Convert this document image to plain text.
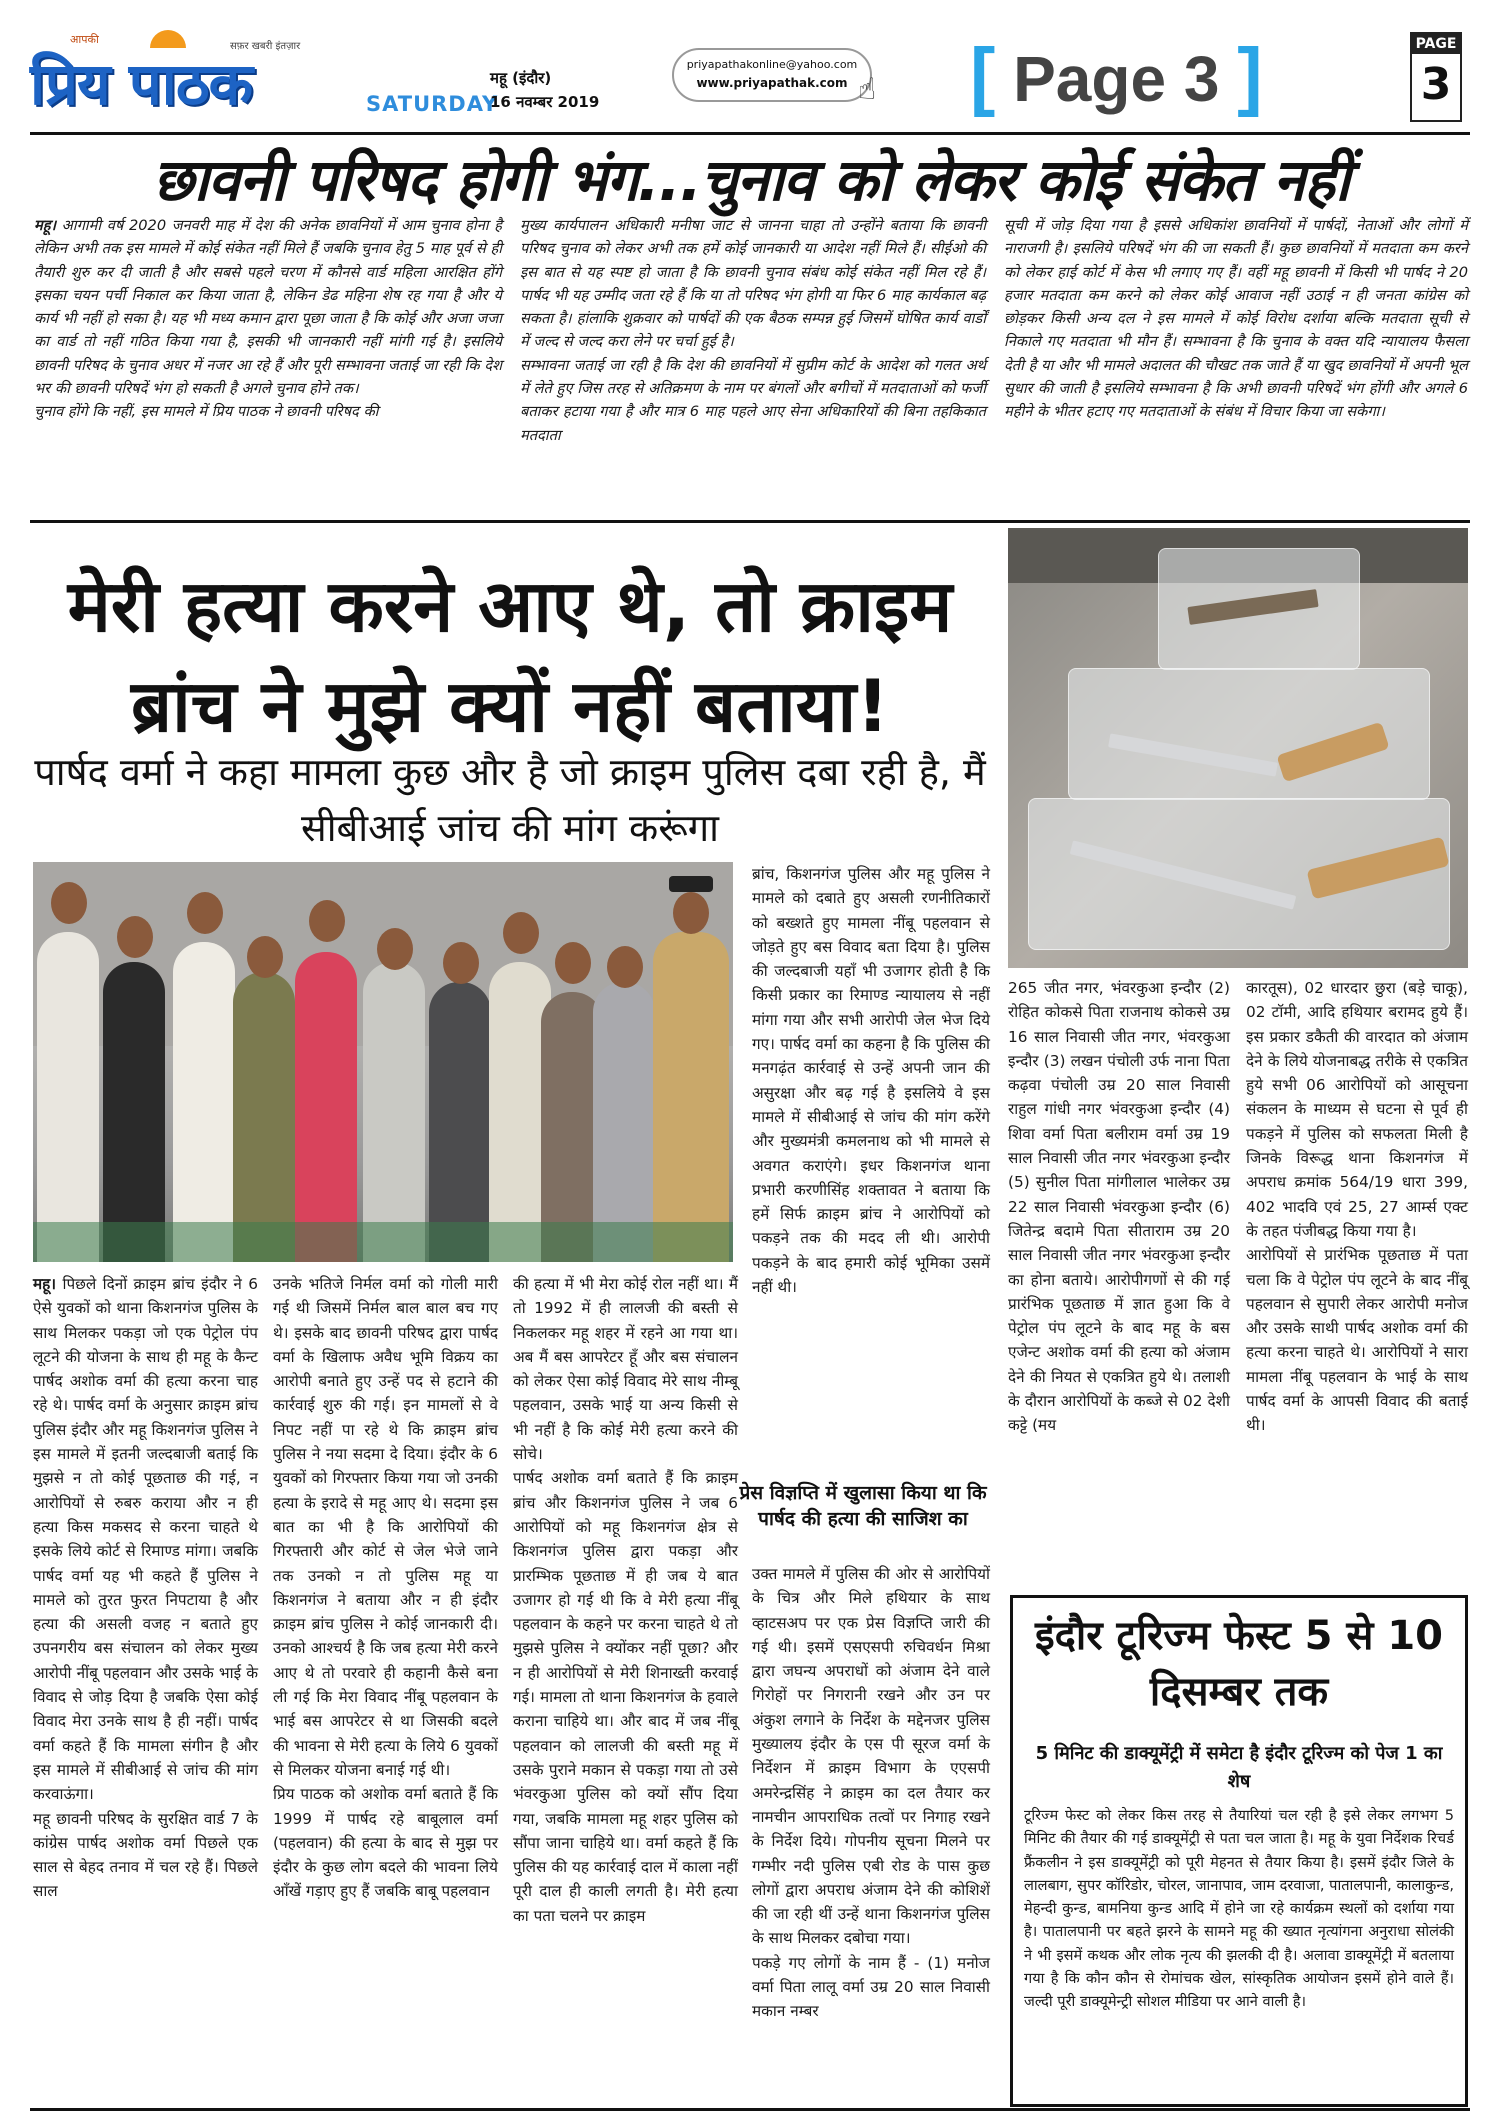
आपकी
सफ़र खबरी इंतज़ार
प्रिय पाठक	SATURDAY
महू (इंदौर)
16 नवम्बर 2019
priyapathakonline@yahoo.com
www.priyapathak.com ☝ [ Page 3 ]	PAGE
3
छावनी परिषद होगी भंग...चुनाव को लेकर कोई संकेत नहीं
महू। आगामी वर्ष 2020 जनवरी माह में देश की अनेक छावनियों में आम चुनाव होना है लेकिन अभी तक इस मामले में कोई संकेत नहीं मिले हैं जबकि चुनाव हेतु 5 माह पूर्व से ही तैयारी शुरु कर दी जाती है और सबसे पहले चरण में कौनसे वार्ड महिला आरक्षित होंगे इसका चयन पर्ची निकाल कर किया जाता है, लेकिन डेढ महिना शेष रह गया है और ये कार्य भी नहीं हो सका है। यह भी मध्य कमान द्वारा पूछा जाता है कि कोई और अजा जजा का वार्ड तो नहीं गठित किया गया है, इसकी भी जानकारी नहीं मांगी गई है। इसलिये छावनी परिषद के चुनाव अधर में नजर आ रहे हैं और पूरी सम्भावना जताई जा रही कि देश भर की छावनी परिषदें भंग हो सकती है अगले चुनाव होने तक।
चुनाव होंगे कि नहीं, इस मामले में प्रिय पाठक ने छावनी परिषद की
मुख्य कार्यपालन अधिकारी मनीषा जाट से जानना चाहा तो उन्होंने बताया कि छावनी परिषद चुनाव को लेकर अभी तक हमें कोई जानकारी या आदेश नहीं मिले हैं। सीईओ की इस बात से यह स्पष्ट हो जाता है कि छावनी चुनाव संबंध कोई संकेत नहीं मिल रहे हैं। पार्षद भी यह उम्मीद जता रहे हैं कि या तो परिषद भंग होगी या फिर 6 माह कार्यकाल बढ़ सकता है। हांलाकि शुक्रवार को पार्षदों की एक बैठक सम्पन्न हुई जिसमें घोषित कार्य वार्डों में जल्द से जल्द करा लेने पर चर्चा हुई है।
सम्भावना जताई जा रही है कि देश की छावनियों में सुप्रीम कोर्ट के आदेश को गलत अर्थ में लेते हुए जिस तरह से अतिक्रमण के नाम पर बंगलों और बगीचों में मतदाताओं को फर्जी बताकर हटाया गया है और मात्र 6 माह पहले आए सेना अधिकारियों की बिना तहकिकात मतदाता
सूची में जोड़ दिया गया है इससे अधिकांश छावनियों में पार्षदों, नेताओं और लोगों में नाराजगी है। इसलिये परिषदें भंग की जा सकती हैं। कुछ छावनियों में मतदाता कम करने को लेकर हाई कोर्ट में केस भी लगाए गए हैं। वहीं महू छावनी में किसी भी पार्षद ने 20 हजार मतदाता कम करने को लेकर कोई आवाज नहीं उठाई न ही जनता कांग्रेस को छोड़कर किसी अन्य दल ने इस मामले में कोई विरोध दर्शाया बल्कि मतदाता सूची से निकाले गए मतदाता भी मौन हैं। सम्भावना है कि चुनाव के वक्त यदि न्यायालय फैसला देती है या और भी मामले अदालत की चौखट तक जाते हैं या खुद छावनियों में अपनी भूल सुधार की जाती है इसलिये सम्भावना है कि अभी छावनी परिषदें भंग होंगी और अगले 6 महीने के भीतर हटाए गए मतदाताओं के संबंध में विचार किया जा सकेगा।
मेरी हत्या करने आए थे, तो क्राइम ब्रांच ने मुझे क्यों नहीं बताया!
पार्षद वर्मा ने कहा मामला कुछ और है जो क्राइम पुलिस दबा रही है, मैं सीबीआई जांच की मांग करूंगा
महू। पिछले दिनों क्राइम ब्रांच इंदौर ने 6 ऐसे युवकों को थाना किशनगंज पुलिस के साथ मिलकर पकड़ा जो एक पेट्रोल पंप लूटने की योजना के साथ ही महू के कैन्ट पार्षद अशोक वर्मा की हत्या करना चाह रहे थे। पार्षद वर्मा के अनुसार क्राइम ब्रांच पुलिस इंदौर और महू किशनगंज पुलिस ने इस मामले में इतनी जल्दबाजी बताई कि मुझसे न तो कोई पूछताछ की गई, न आरोपियों से रुबरु कराया और न ही हत्या किस मकसद से करना चाहते थे इसके लिये कोर्ट से रिमाण्ड मांगा। जबकि पार्षद वर्मा यह भी कहते हैं पुलिस ने मामले को तुरत फुरत निपटाया है और हत्या की असली वजह न बताते हुए उपनगरीय बस संचालन को लेकर मुख्य आरोपी नींबू पहलवान और उसके भाई के विवाद से जोड़ दिया है जबकि ऐसा कोई विवाद मेरा उनके साथ है ही नहीं। पार्षद वर्मा कहते हैं कि मामला संगीन है और इस मामले में सीबीआई से जांच की मांग करवाऊंगा।
महू छावनी परिषद के सुरक्षित वार्ड 7 के कांग्रेस पार्षद अशोक वर्मा पिछले एक साल से बेहद तनाव में चल रहे हैं। पिछले साल
उनके भतिजे निर्मल वर्मा को गोली मारी गई थी जिसमें निर्मल बाल बाल बच गए थे। इसके बाद छावनी परिषद द्वारा पार्षद वर्मा के खिलाफ अवैध भूमि विक्रय का आरोपी बनाते हुए उन्हें पद से हटाने की कार्रवाई शुरु की गई। इन मामलों से वे निपट नहीं पा रहे थे कि क्राइम ब्रांच पुलिस ने नया सदमा दे दिया। इंदौर के 6 युवकों को गिरफ्तार किया गया जो उनकी हत्या के इरादे से महू आए थे। सदमा इस बात का भी है कि आरोपियों की गिरफ्तारी और कोर्ट से जेल भेजे जाने तक उनको न तो पुलिस महू या किशनगंज ने बताया और न ही इंदौर क्राइम ब्रांच पुलिस ने कोई जानकारी दी। उनको आश्चर्य है कि जब हत्या मेरी करने आए थे तो परवारे ही कहानी कैसे बना ली गई कि मेरा विवाद नींबू पहलवान के भाई बस आपरेटर से था जिसकी बदले की भावना से मेरी हत्या के लिये 6 युवकों से मिलकर योजना बनाई गई थी।
प्रिय पाठक को अशोक वर्मा बताते हैं कि 1999 में पार्षद रहे बाबूलाल वर्मा (पहलवान) की हत्या के बाद से मुझ पर इंदौर के कुछ लोग बदले की भावना लिये आँखें गड़ाए हुए हैं जबकि बाबू पहलवान
की हत्या में भी मेरा कोई रोल नहीं था। मैं तो 1992 में ही लालजी की बस्ती से निकलकर महू शहर में रहने आ गया था। अब मैं बस आपरेटर हूँ और बस संचालन को लेकर ऐसा कोई विवाद मेरे साथ नीम्बू पहलवान, उसके भाई या अन्य किसी से भी नहीं है कि कोई मेरी हत्या करने की सोचे।
पार्षद अशोक वर्मा बताते हैं कि क्राइम ब्रांच और किशनगंज पुलिस ने जब 6 आरोपियों को महू किशनगंज क्षेत्र से किशनगंज पुलिस द्वारा पकड़ा और प्रारम्भिक पूछताछ में ही जब ये बात उजागर हो गई थी कि वे मेरी हत्या नींबू पहलवान के कहने पर करना चाहते थे तो मुझसे पुलिस ने क्योंकर नहीं पूछा? और न ही आरोपियों से मेरी शिनाख्ती करवाई गई। मामला तो थाना किशनगंज के हवाले कराना चाहिये था। और बाद में जब नींबू पहलवान को लालजी की बस्ती महू में उसके पुराने मकान से पकड़ा गया तो उसे भंवरकुआ पुलिस को क्यों सौंप दिया गया, जबकि मामला महू शहर पुलिस को सौंपा जाना चाहिये था। वर्मा कहते हैं कि पुलिस की यह कार्रवाई दाल में काला नहीं पूरी दाल ही काली लगती है। मेरी हत्या का पता चलने पर क्राइम
ब्रांच, किशनगंज पुलिस और महू पुलिस ने मामले को दबाते हुए असली रणनीतिकारों को बख्शते हुए मामला नींबू पहलवान से जोड़ते हुए बस विवाद बता दिया है। पुलिस की जल्दबाजी यहाँ भी उजागर होती है कि किसी प्रकार का रिमाण्ड न्यायालय से नहीं मांगा गया और सभी आरोपी जेल भेज दिये गए। पार्षद वर्मा का कहना है कि पुलिस की मनगढ़ंत कार्रवाई से उन्हें अपनी जान की असुरक्षा और बढ़ गई है इसलिये वे इस मामले में सीबीआई से जांच की मांग करेंगे और मुख्यमंत्री कमलनाथ को भी मामले से अवगत कराएंगे। इधर किशनगंज थाना प्रभारी करणीसिंह शक्तावत ने बताया कि हमें सिर्फ क्राइम ब्रांच ने आरोपियों को पकड़ने तक की मदद ली थी। आरोपी पकड़ने के बाद हमारी कोई भूमिका उसमें नहीं थी।
प्रेस विज्ञप्ति में खुलासा किया था कि पार्षद की हत्या की साजिश का
उक्त मामले में पुलिस की ओर से आरोपियों के चित्र और मिले हथियार के साथ व्हाटसअप पर एक प्रेस विज्ञप्ति जारी की गई थी। इसमें एसएसपी रुचिवर्धन मिश्रा द्वारा जघन्य अपराधों को अंजाम देने वाले गिरोहों पर निगरानी रखने और उन पर अंकुश लगाने के निर्देश के मद्देनजर पुलिस मुख्यालय इंदौर के एस पी सूरज वर्मा के निर्देशन में क्राइम विभाग के एएसपी अमरेन्द्रसिंह ने क्राइम का दल तैयार कर नामचीन आपराधिक तत्वों पर निगाह रखने के निर्देश दिये। गोपनीय सूचना मिलने पर गम्भीर नदी पुलिस एबी रोड के पास कुछ लोगों द्वारा अपराध अंजाम देने की कोशिशें की जा रही थीं उन्हें थाना किशनगंज पुलिस के साथ मिलकर दबोचा गया।
पकड़े गए लोगों के नाम हैं - (1) मनोज वर्मा पिता लालू वर्मा उम्र 20 साल निवासी मकान नम्बर
265 जीत नगर, भंवरकुआ इन्दौर (2) रोहित कोकसे पिता राजनाथ कोकसे उम्र 16 साल निवासी जीत नगर, भंवरकुआ इन्दौर (3) लखन पंचोली उर्फ नाना पिता कढ़वा पंचोली उम्र 20 साल निवासी राहुल गांधी नगर भंवरकुआ इन्दौर (4) शिवा वर्मा पिता बलीराम वर्मा उम्र 19 साल निवासी जीत नगर भंवरकुआ इन्दौर (5) सुनील पिता मांगीलाल भालेकर उम्र 22 साल निवासी भंवरकुआ इन्दौर (6) जितेन्द्र बदामे पिता सीताराम उम्र 20 साल निवासी जीत नगर भंवरकुआ इन्दौर का होना बताये। आरोपीगणों से की गई प्रारंभिक पूछताछ में ज्ञात हुआ कि वे पेट्रोल पंप लूटने के बाद महू के बस एजेन्ट अशोक वर्मा की हत्या को अंजाम देने की नियत से एकत्रित हुये थे। तलाशी के दौरान आरोपियों के कब्जे से 02 देशी कट्टे (मय
कारतूस), 02 धारदार छुरा (बड़े चाकू), 02 टॉमी, आदि हथियार बरामद हुये हैं। इस प्रकार डकैती की वारदात को अंजाम देने के लिये योजनाबद्ध तरीके से एकत्रित हुये सभी 06 आरोपियों को आसूचना संकलन के माध्यम से घटना से पूर्व ही पकड़ने में पुलिस को सफलता मिली है जिनके विरूद्ध थाना किशनगंज में अपराध क्रमांक 564/19 धारा 399, 402 भादवि एवं 25, 27 आर्म्स एक्ट के तहत पंजीबद्ध किया गया है।
आरोपियों से प्रारंभिक पूछताछ में पता चला कि वे पेट्रोल पंप लूटने के बाद नींबू पहलवान से सुपारी लेकर आरोपी मनोज और उसके साथी पार्षद अशोक वर्मा की हत्या करना चाहते थे। आरोपियों ने सारा मामला नींबू पहलवान के भाई के साथ पार्षद वर्मा के आपसी विवाद की बताई थी।
इंदौर टूरिज्म फेस्ट 5 से 10 दिसम्बर तक
5 मिनिट की डाक्यूमेंट्री में समेटा है इंदौर टूरिज्म को पेज 1 का शेष
टूरिज्म फेस्ट को लेकर किस तरह से तैयारियां चल रही है इसे लेकर लगभग 5 मिनिट की तैयार की गई डाक्यूमेंट्री से पता चल जाता है। महू के युवा निर्देशक रिचर्ड फ्रैंकलीन ने इस डाक्यूमेंट्री को पूरी मेहनत से तैयार किया है। इसमें इंदौर जिले के लालबाग, सुपर कॉरिडोर, चोरल, जानापाव, जाम दरवाजा, पातालपानी, कालाकुन्ड, मेहन्दी कुन्ड, बामनिया कुन्ड आदि में होने जा रहे कार्यक्रम स्थलों को दर्शाया गया है। पातालपानी पर बहते झरने के सामने महू की ख्यात नृत्यांगना अनुराधा सोलंकी ने भी इसमें कथक और लोक नृत्य की झलकी दी है। अलावा डाक्यूमेंट्री में बतलाया गया है कि कौन कौन से रोमांचक खेल, सांस्कृतिक आयोजन इसमें होने वाले हैं। जल्दी पूरी डाक्यूमेन्ट्री सोशल मीडिया पर आने वाली है।
